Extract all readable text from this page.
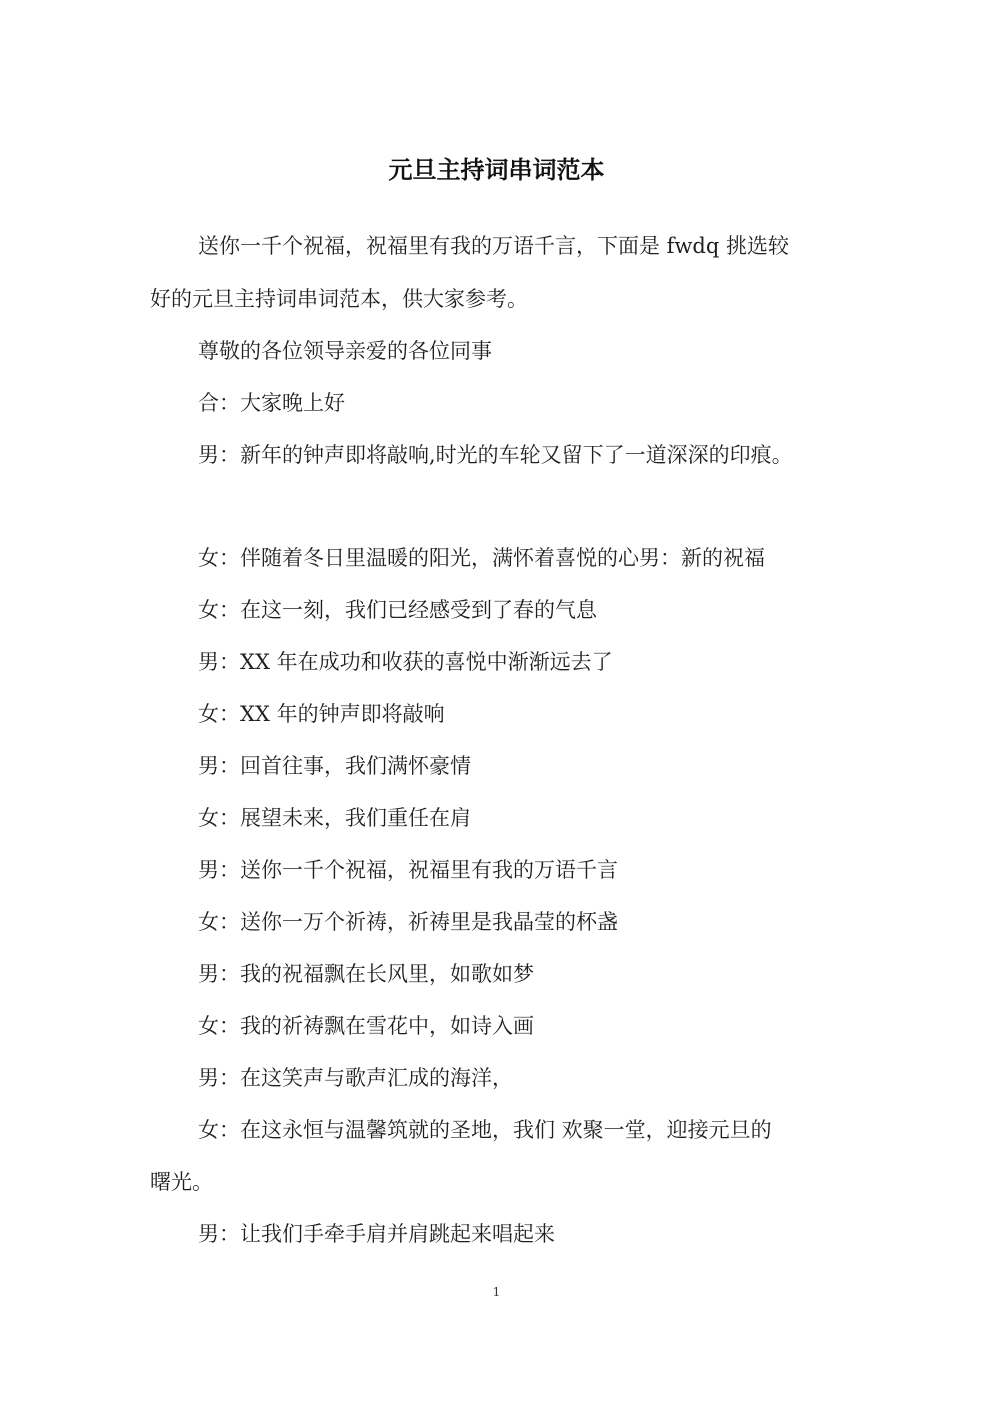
元旦主持词串词范本
送你一千个祝福，祝福里有我的万语千言，下面是 fwdq 挑选较
好的元旦主持词串词范本，供大家参考。
尊敬的各位领导亲爱的各位同事
合：大家晚上好
男：新年的钟声即将敲响,时光的车轮又留下了一道深深的印痕。
女：伴随着冬日里温暖的阳光，满怀着喜悦的心男：新的祝福
女：在这一刻，我们已经感受到了春的气息
男：XX 年在成功和收获的喜悦中渐渐远去了
女：XX 年的钟声即将敲响
男：回首往事，我们满怀豪情
女：展望未来，我们重任在肩
男：送你一千个祝福，祝福里有我的万语千言
女：送你一万个祈祷，祈祷里是我晶莹的杯盏
男：我的祝福飘在长风里，如歌如梦
女：我的祈祷飘在雪花中，如诗入画
男：在这笑声与歌声汇成的海洋，
女：在这永恒与温馨筑就的圣地，我们 欢聚一堂，迎接元旦的
曙光。
男：让我们手牵手肩并肩跳起来唱起来
1
